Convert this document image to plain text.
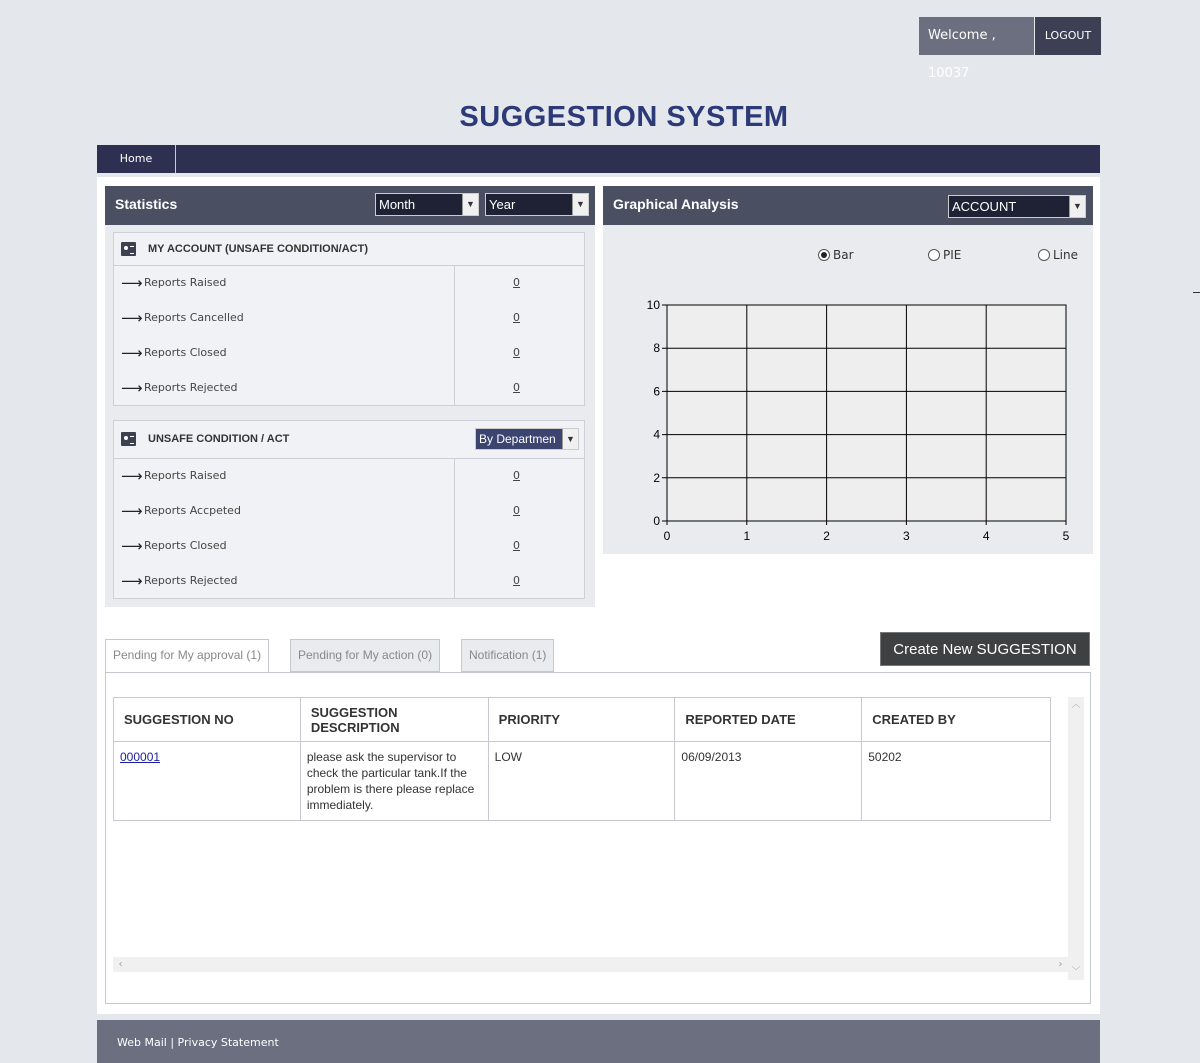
Welcome , 10037
LOGOUT
SUGGESTION SYSTEM
Home
Statistics	Month	▼	Year	▼
MY ACCOUNT (UNSAFE CONDITION/ACT)
⟶ Reports Raised	0
⟶ Reports Cancelled	0
⟶ Reports Closed	0
⟶ Reports Rejected	0
UNSAFE CONDITION / ACT	By Departmen	▼
⟶ Reports Raised	0
⟶ Reports Accpeted	0
⟶ Reports Closed	0
⟶ Reports Rejected	0
Graphical Analysis	ACCOUNT	▼
Bar	PIE	Line
0	1	2	3	4	5
0
2
4
6
8
10
Pending for My approval (1)	Pending for My action (0)	Notification (1)	Create New SUGGESTION
SUGGESTION NO	SUGGESTION DESCRIPTION	PRIORITY	REPORTED DATE	CREATED BY
000001	please ask the supervisor to check the particular tank.If the problem is there please replace immediately.	LOW	06/09/2013	50202
︿
﹀
‹	›
Web Mail | Privacy Statement
